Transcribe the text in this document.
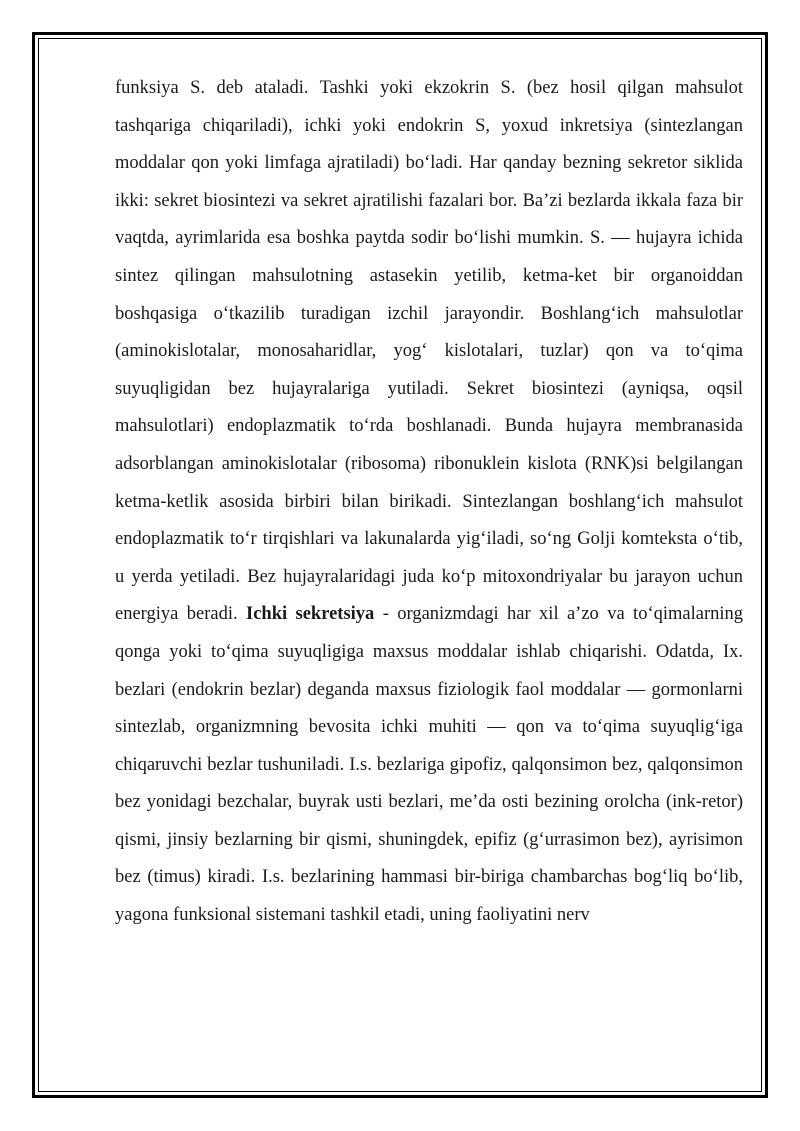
funksiya S. deb ataladi. Tashki yoki ekzokrin S. (bez hosil qilgan mahsulot tashqariga chiqariladi), ichki yoki endokrin S, yoxud inkretsiya (sintezlangan moddalar qon yoki limfaga ajratiladi) bo‘ladi. Har qanday bezning sekretor siklida ikki: sekret biosintezi va sekret ajratilishi fazalari bor. Ba’zi bezlarda ikkala faza bir vaqtda, ayrimlarida esa boshka paytda sodir bo‘lishi mumkin. S. — hujayra ichida sintez qilingan mahsulotning astasekin yetilib, ketma-ket bir organoiddan boshqasiga o‘tkazilib turadigan izchil jarayondir. Boshlang‘ich mahsulotlar (aminokislotalar, monosaharidlar, yog‘ kislotalari, tuzlar) qon va to‘qima suyuqligidan bez hujayralariga yutiladi. Sekret biosintezi (ayniqsa, oqsil mahsulotlari) endoplazmatik to‘rda boshlanadi. Bunda hujayra membranasida adsorblangan aminokislotalar (ribosoma) ribonuklein kislota (RNK)si belgilangan ketma-ketlik asosida birbiri bilan birikadi. Sintezlangan boshlang‘ich mahsulot endoplazmatik to‘r tirqishlari va lakunalarda yig‘iladi, so‘ng Golji komteksta o‘tib, u yerda yetiladi. Bez hujayralaridagi juda ko‘p mitoxondriyalar bu jarayon uchun energiya beradi. Ichki sekretsiya - organizmdagi har xil a’zo va to‘qimalarning qonga yoki to‘qima suyuqligiga maxsus moddalar ishlab chiqarishi. Odatda, Ix. bezlari (endokrin bezlar) deganda maxsus fiziologik faol moddalar — gormonlarni sintezlab, organizmning bevosita ichki muhiti — qon va to‘qima suyuqlig‘iga chiqaruvchi bezlar tushuniladi. I.s. bezlariga gipofiz, qalqonsimon bez, qalqonsimon bez yonidagi bezchalar, buyrak usti bezlari, me’da osti bezining orolcha (ink-retor) qismi, jinsiy bezlarning bir qismi, shuningdek, epifiz (g‘urrasimon bez), ayrisimon bez (timus) kiradi. I.s. bezlarining hammasi bir-biriga chambarchas bog‘liq bo‘lib, yagona funksional sistemani tashkil etadi, uning faoliyatini nerv
